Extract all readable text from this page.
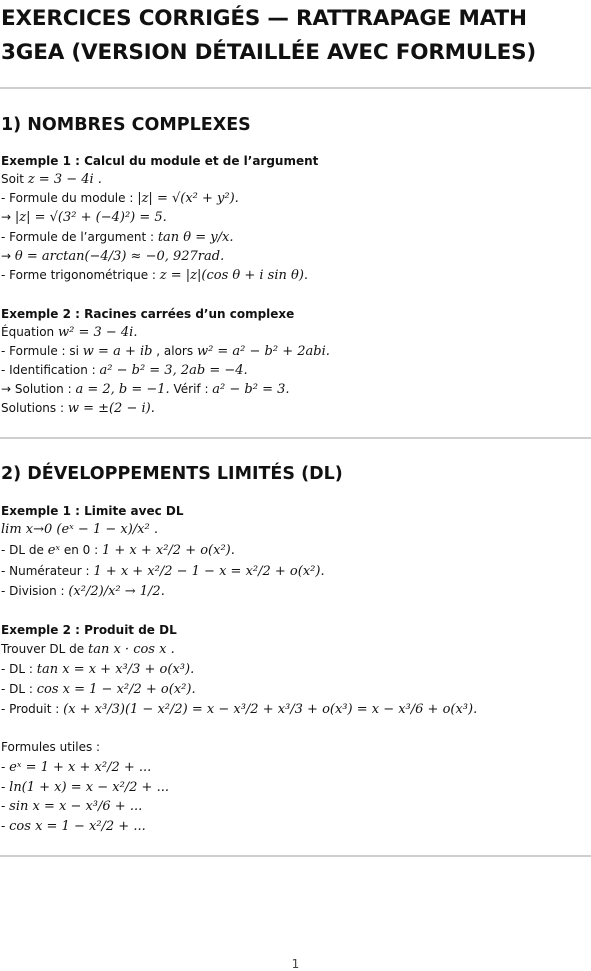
EXERCICES CORRIGÉS — RATTRAPAGE MATH 3GEA (VERSION DÉTAILLÉE AVEC FORMULES)
1) NOMBRES COMPLEXES
Exemple 1 : Calcul du module et de l’argument
Soit z = 3 − 4i .
- Formule du module : |z| = √(x² + y²).
→ |z| = √(3² + (−4)²) = 5.
- Formule de l’argument : tan θ = y/x.
→ θ = arctan(−4/3) ≈ −0, 927rad.
- Forme trigonométrique : z = |z|(cos θ + i sin θ).
Exemple 2 : Racines carrées d’un complexe
Équation w² = 3 − 4i.
- Formule : si w = a + ib , alors w² = a² − b² + 2abi.
- Identification : a² − b² = 3, 2ab = −4.
→ Solution : a = 2, b = −1. Vérif : a² − b² = 3.
Solutions : w = ±(2 − i).
2) DÉVELOPPEMENTS LIMITÉS (DL)
Exemple 1 : Limite avec DL
lim x→0 (eˣ − 1 − x)/x² .
- DL de eˣ en 0 : 1 + x + x²/2 + o(x²).
- Numérateur : 1 + x + x²/2 − 1 − x = x²/2 + o(x²).
- Division : (x²/2)/x² → 1/2.
Exemple 2 : Produit de DL
Trouver DL de tan x · cos x .
- DL : tan x = x + x³/3 + o(x³).
- DL : cos x = 1 − x²/2 + o(x²).
- Produit : (x + x³/3)(1 − x²/2) = x − x³/2 + x³/3 + o(x³) = x − x³/6 + o(x³).
Formules utiles :
- eˣ = 1 + x + x²/2 + ...
- ln(1 + x) = x − x²/2 + ...
- sin x = x − x³/6 + ...
- cos x = 1 − x²/2 + ...
1
